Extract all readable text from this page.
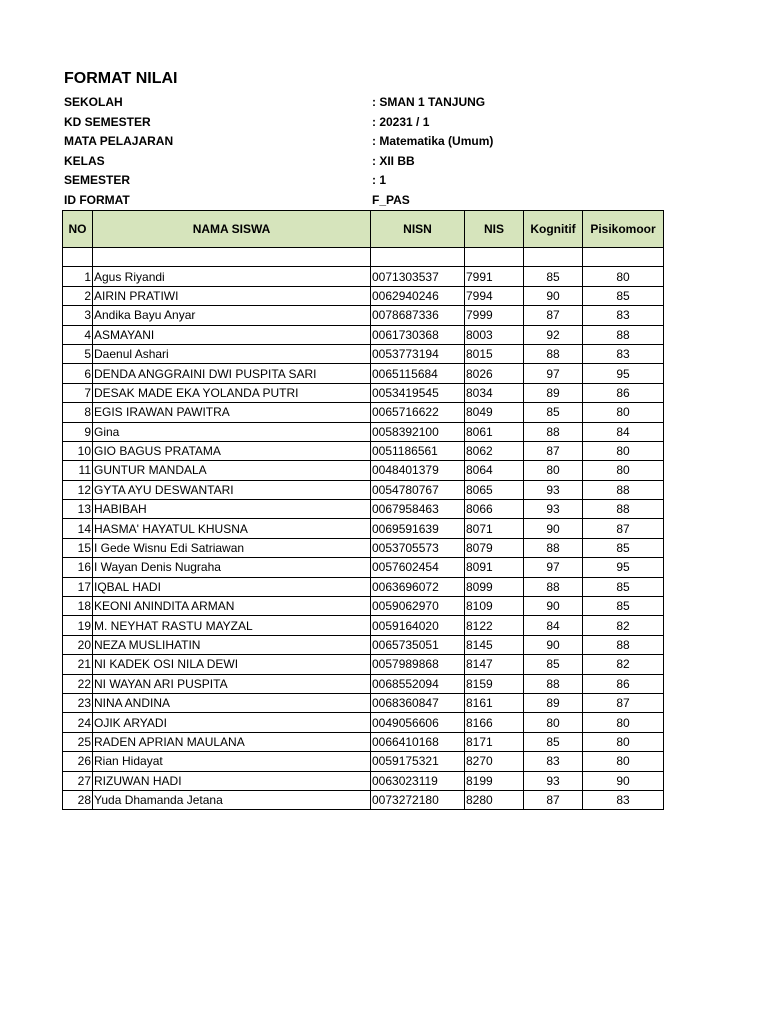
FORMAT NILAI
SEKOLAH	: SMAN 1 TANJUNG
KD SEMESTER	: 20231 / 1
MATA PELAJARAN	: Matematika (Umum)
KELAS	: XII BB
SEMESTER	: 1
ID FORMAT	F_PAS
NO	NAMA SISWA	NISN	NIS	Kognitif	Pisikomoor

1	Agus Riyandi	0071303537	7991	85	80
2	AIRIN PRATIWI	0062940246	7994	90	85
3	Andika Bayu Anyar	0078687336	7999	87	83
4	ASMAYANI	0061730368	8003	92	88
5	Daenul Ashari	0053773194	8015	88	83
6	DENDA ANGGRAINI DWI PUSPITA SARI	0065115684	8026	97	95
7	DESAK MADE EKA YOLANDA PUTRI	0053419545	8034	89	86
8	EGIS IRAWAN PAWITRA	0065716622	8049	85	80
9	Gina	0058392100	8061	88	84
10	GIO BAGUS PRATAMA	0051186561	8062	87	80
11	GUNTUR MANDALA	0048401379	8064	80	80
12	GYTA AYU DESWANTARI	0054780767	8065	93	88
13	HABIBAH	0067958463	8066	93	88
14	HASMA' HAYATUL KHUSNA	0069591639	8071	90	87
15	I Gede Wisnu Edi Satriawan	0053705573	8079	88	85
16	I Wayan Denis Nugraha	0057602454	8091	97	95
17	IQBAL HADI	0063696072	8099	88	85
18	KEONI ANINDITA ARMAN	0059062970	8109	90	85
19	M. NEYHAT RASTU MAYZAL	0059164020	8122	84	82
20	NEZA MUSLIHATIN	0065735051	8145	90	88
21	NI KADEK OSI NILA DEWI	0057989868	8147	85	82
22	NI WAYAN ARI PUSPITA	0068552094	8159	88	86
23	NINA ANDINA	0068360847	8161	89	87
24	OJIK ARYADI	0049056606	8166	80	80
25	RADEN APRIAN MAULANA	0066410168	8171	85	80
26	Rian Hidayat	0059175321	8270	83	80
27	RIZUWAN HADI	0063023119	8199	93	90
28	Yuda Dhamanda Jetana	0073272180	8280	87	83
